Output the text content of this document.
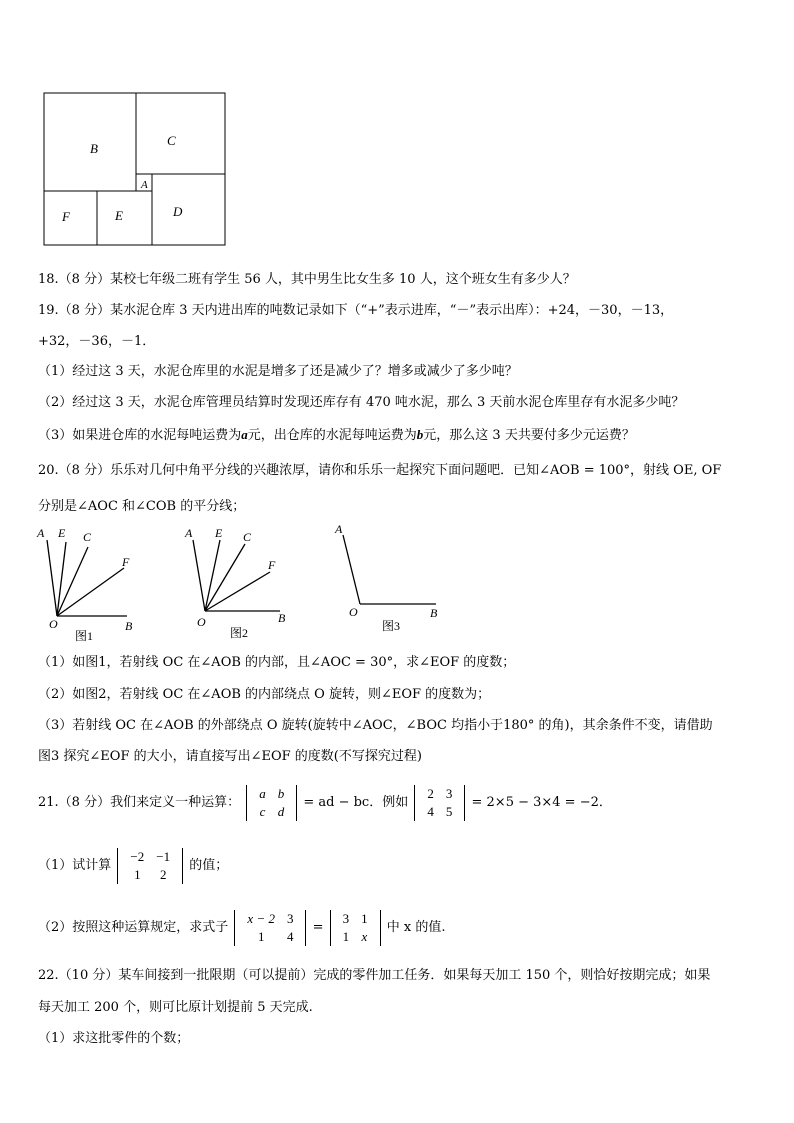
B
C
A
F	E	D
18.（8 分）某校七年级二班有学生 56 人，其中男生比女生多 10 人，这个班女生有多少人？
19.（8 分）某水泥仓库 3 天内进出库的吨数记录如下（“+”表示进库，“－”表示出库）：+24，－30，－13，
+32，－36，－1．
（1）经过这 3 天，水泥仓库里的水泥是增多了还是减少了？增多或减少了多少吨？
（2）经过这 3 天，水泥仓库管理员结算时发现还库存有 470 吨水泥，那么 3 天前水泥仓库里存有水泥多少吨？
（3）如果进仓库的水泥每吨运费为a元，出仓库的水泥每吨运费为b元，那么这 3 天共要付多少元运费？
20.（8 分）乐乐对几何中角平分线的兴趣浓厚，请你和乐乐一起探究下面问题吧．已知∠AOB = 100°，射线 OE, OF
分别是∠AOC 和∠COB 的平分线；
A E C
F
O	B
A E C
F
O	B
A
O	B
图1	图2	图3
（1）如图1，若射线 OC 在∠AOB 的内部，且∠AOC = 30°，求∠EOF 的度数；
（2）如图2，若射线 OC 在∠AOB 的内部绕点 O 旋转，则∠EOF 的度数为；
（3）若射线 OC 在∠AOB 的外部绕点 O 旋转(旋转中∠AOC，∠BOC 均指小于180° 的角)，其余条件不变，请借助
图3 探究∠EOF 的大小，请直接写出∠EOF 的度数(不写探究过程)
21.（8 分）我们来定义一种运算：
a	b
c	d
= ad − bc．例如
2	3
4	5
= 2×5 − 3×4 = −2．
（1）试计算
−2	−1
1	2
的值；
（2）按照这种运算规定，求式子
x − 2	3
1	4
=
3	1
1	x
中 x 的值.
22.（10 分）某车间接到一批限期（可以提前）完成的零件加工任务．如果每天加工 150 个，则恰好按期完成；如果
每天加工 200 个，则可比原计划提前 5 天完成.
（1）求这批零件的个数；
